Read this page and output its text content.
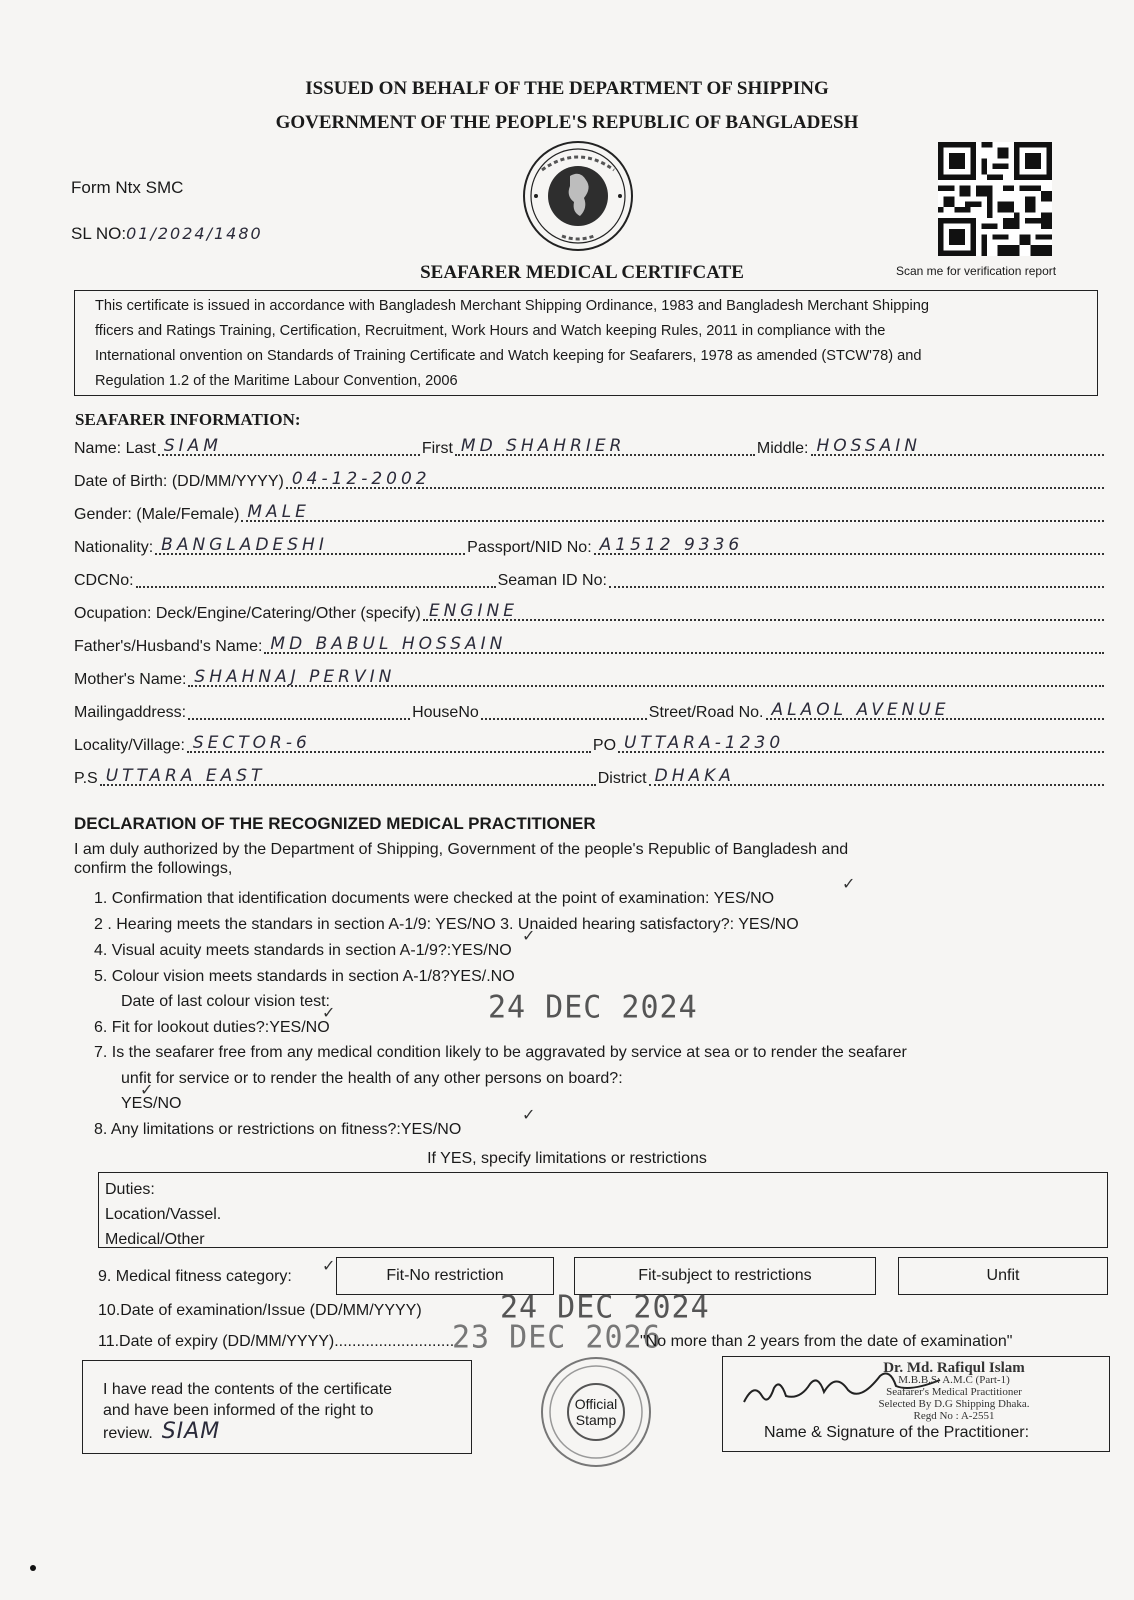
ISSUED ON BEHALF OF THE DEPARTMENT OF SHIPPING
GOVERNMENT OF THE PEOPLE'S REPUBLIC OF BANGLADESH
Form Ntx SMC
SL NO:01/2024/1480
Scan me for verification report
SEAFARER MEDICAL CERTIFCATE
This certificate is issued in accordance with Bangladesh Merchant Shipping Ordinance, 1983 and Bangladesh Merchant Shipping
fficers and Ratings Training, Certification, Recruitment, Work Hours and Watch keeping Rules, 2011 in compliance with the
International onvention on Standards of Training Certificate and Watch keeping for Seafarers, 1978 as amended (STCW'78) and
Regulation 1.2 of the Maritime Labour Convention, 2006
SEAFARER INFORMATION:
Name: Last SIAM	First MD SHAHRIER	Middle: HOSSAIN
Date of Birth: (DD/MM/YYYY) 04-12-2002
Gender: (Male/Female) MALE
Nationality: BANGLADESHI	Passport/NID No: A1512 9336
CDCNo:	Seaman ID No:
Ocupation: Deck/Engine/Catering/Other (specify) ENGINE
Father's/Husband's Name: MD BABUL HOSSAIN
Mother's Name: SHAHNAJ PERVIN
Mailingaddress:	HouseNo	Street/Road No. ALAOL AVENUE
Locality/Village: SECTOR-6	PO UTTARA-1230
P.S UTTARA EAST	District DHAKA
DECLARATION OF THE RECOGNIZED MEDICAL PRACTITIONER
I am duly authorized by the Department of Shipping, Government of the people's Republic of Bangladesh and
confirm the followings,
1. Confirmation that identification documents were checked at the point of examination: YES/NO
2 . Hearing meets the standars in section A-1/9: YES/NO 3. Unaided hearing satisfactory?: YES/NO
4. Visual acuity meets standards in section A-1/9?:YES/NO
5. Colour vision meets standards in section A-1/8?YES/.NO
Date of last colour vision test:
6. Fit for lookout duties?:YES/NO
24 DEC 2024
7. Is the seafarer free from any medical condition likely to be aggravated by service at sea or to render the seafarer
unfit for service or to render the health of any other persons on board?:
YES/NO
8. Any limitations or restrictions on fitness?:YES/NO
✓
✓
✓
✓
✓
If YES, specify limitations or restrictions
Duties:
Location/Vassel.
Medical/Other
9. Medical fitness category:
✓
Fit-No restriction	Fit-subject to restrictions	Unfit
10.Date of examination/Issue (DD/MM/YYYY)	24 DEC 2024
11.Date of expiry (DD/MM/YYYY)...........................
23 DEC 2026
"No more than 2 years from the date of examination"
I have read the contents of the certificate
and have been informed of the right to
review. SIAM
Official
Stamp
Dr. Md. Rafiqul Islam
M.B.B.S: A.M.C (Part-1)
Seafarer's Medical Practitioner
Selected By D.G Shipping Dhaka.
Regd No : A-2551
Name & Signature of the Practitioner:
